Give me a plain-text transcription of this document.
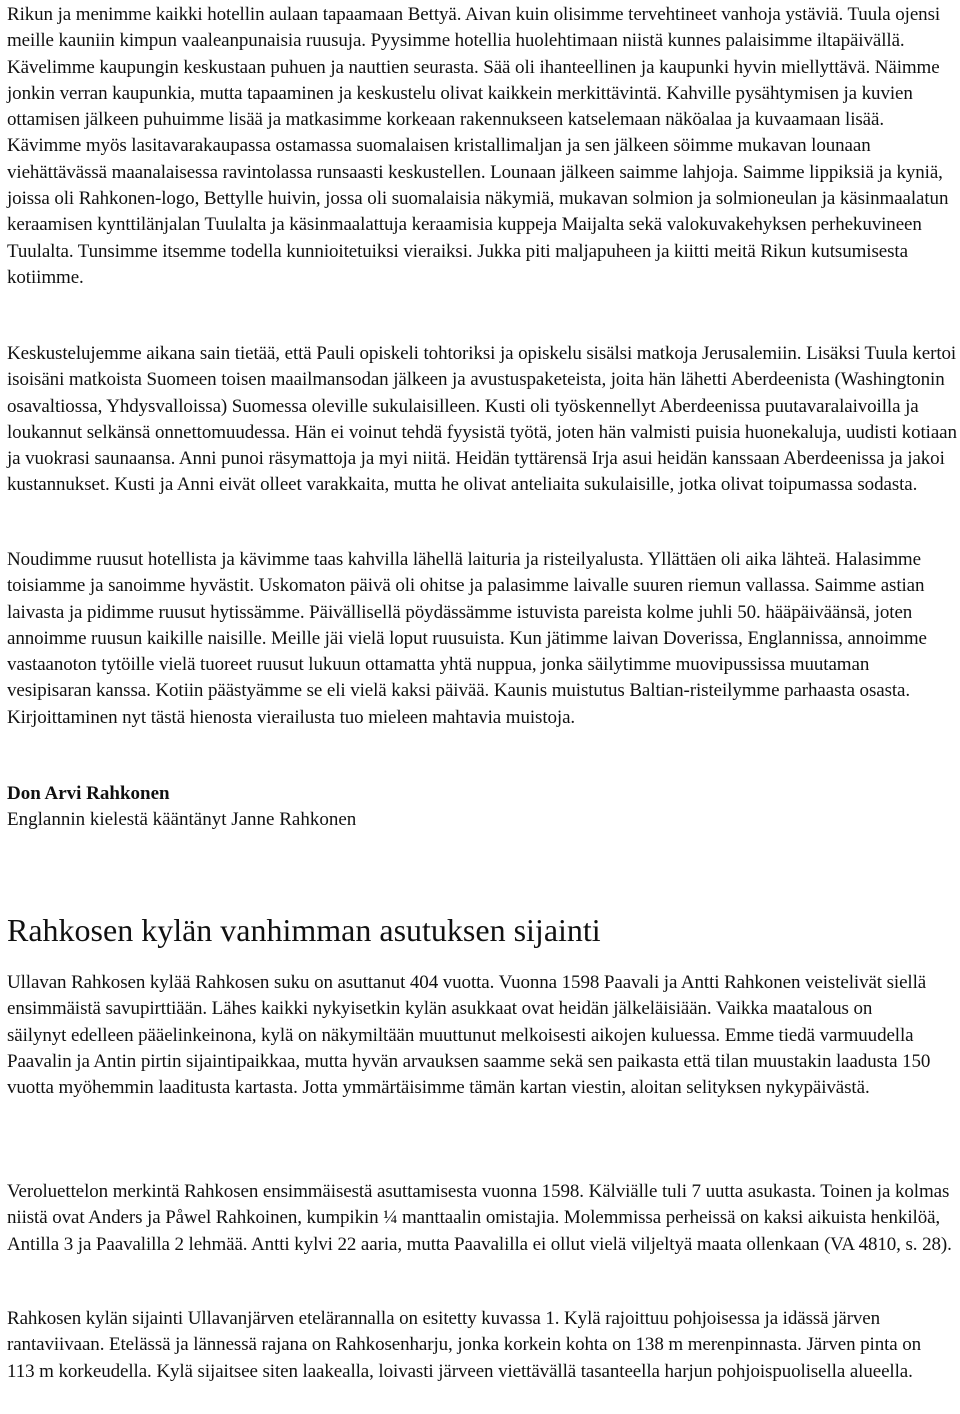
Rikun ja menimme kaikki hotellin aulaan tapaamaan Bettyä. Aivan kuin olisimme tervehtineet vanhoja ystäviä. Tuula ojensi meille kauniin kimpun vaaleanpunaisia ruusuja. Pyysimme hotellia huolehtimaan niistä kunnes palaisimme iltapäivällä. Kävelimme kaupungin keskustaan puhuen ja nauttien seurasta. Sää oli ihanteellinen ja kaupunki hyvin miellyttävä. Näimme jonkin verran kaupunkia, mutta tapaaminen ja keskustelu olivat kaikkein merkittävintä. Kahville pysähtymisen ja kuvien ottamisen jälkeen puhuimme lisää ja matkasimme korkeaan rakennukseen katselemaan näköalaa ja kuvaamaan lisää. Kävimme myös lasitavarakaupassa ostamassa suomalaisen kristallimaljan ja sen jälkeen söimme mukavan lounaan viehättävässä maanalaisessa ravintolassa runsaasti keskustellen. Lounaan jälkeen saimme lahjoja. Saimme lippiksiä ja kyniä, joissa oli Rahkonen-logo, Bettylle huivin, jossa oli suomalaisia näkymiä, mukavan solmion ja solmioneulan ja käsinmaalatun keraamisen kynttilänjalan Tuulalta ja käsinmaalattuja keraamisia kuppeja Maijalta sekä valokuvakehyksen perhekuvineen Tuulalta. Tunsimme itsemme todella kunnioitetuiksi vieraiksi. Jukka piti maljapuheen ja kiitti meitä Rikun kutsumisesta kotiimme.

Keskustelujemme aikana sain tietää, että Pauli opiskeli tohtoriksi ja opiskelu sisälsi matkoja Jerusalemiin. Lisäksi Tuula kertoi isoisäni matkoista Suomeen toisen maailmansodan jälkeen ja avustuspaketeista, joita hän lähetti Aberdeenista (Washingtonin osavaltiossa, Yhdysvalloissa) Suomessa oleville sukulaisilleen. Kusti oli työskennellyt Aberdeenissa puutavaralaivoilla ja loukannut selkänsä onnettomuudessa. Hän ei voinut tehdä fyysistä työtä, joten hän valmisti puisia huonekaluja, uudisti kotiaan ja vuokrasi saunaansa. Anni punoi räsymattoja ja myi niitä. Heidän tyttärensä Irja asui heidän kanssaan Aberdeenissa ja jakoi kustannukset. Kusti ja Anni eivät olleet varakkaita, mutta he olivat anteliaita sukulaisille, jotka olivat toipumassa sodasta.

Noudimme ruusut hotellista ja kävimme taas kahvilla lähellä laituria ja risteilyalusta. Yllättäen oli aika lähteä. Halasimme toisiamme ja sanoimme hyvästit. Uskomaton päivä oli ohitse ja palasimme laivalle suuren riemun vallassa. Saimme astian laivasta ja pidimme ruusut hytissämme. Päivällisellä pöydässämme istuvista pareista kolme juhli 50. hääpäiväänsä, joten annoimme ruusun kaikille naisille. Meille jäi vielä loput ruusuista. Kun jätimme laivan Doverissa, Englannissa, annoimme vastaanoton tytöille vielä tuoreet ruusut lukuun ottamatta yhtä nuppua, jonka säilytimme muovipussissa muutaman vesipisaran kanssa. Kotiin päästyämme se eli vielä kaksi päivää. Kaunis muistutus Baltian-risteilymme parhaasta osasta. Kirjoittaminen nyt tästä hienosta vierailusta tuo mieleen mahtavia muistoja.

Don Arvi Rahkonen

Englannin kielestä kääntänyt Janne Rahkonen

Rahkosen kylän vanhimman asutuksen sijainti

Ullavan Rahkosen kylää Rahkosen suku on asuttanut 404 vuotta. Vuonna 1598 Paavali ja Antti Rahkonen veistelivät siellä ensimmäistä savupirttiään. Lähes kaikki nykyisetkin kylän asukkaat ovat heidän jälkeläisiään. Vaikka maatalous on säilynyt edelleen pääelinkeinona, kylä on näkymiltään muuttunut melkoisesti aikojen kuluessa. Emme tiedä varmuudella Paavalin ja Antin pirtin sijaintipaikkaa, mutta hyvän arvauksen saamme sekä sen paikasta että tilan muustakin laadusta 150 vuotta myöhemmin laaditusta kartasta. Jotta ymmärtäisimme tämän kartan viestin, aloitan selityksen nykypäivästä.

Veroluettelon merkintä Rahkosen ensimmäisestä asuttamisesta vuonna 1598. Kälviälle tuli 7 uutta asukasta. Toinen ja kolmas niistä ovat Anders ja Påwel Rahkoinen, kumpikin ¼ manttaalin omistajia. Molemmissa perheissä on kaksi aikuista henkilöä, Antilla 3 ja Paavalilla 2 lehmää. Antti kylvi 22 aaria, mutta Paavalilla ei ollut vielä viljeltyä maata ollenkaan (VA 4810, s. 28).

Rahkosen kylän sijainti Ullavanjärven etelärannalla on esitetty kuvassa 1. Kylä rajoittuu pohjoisessa ja idässä järven rantaviivaan. Etelässä ja lännessä rajana on Rahkosenharju, jonka korkein kohta on 138 m merenpinnasta. Järven pinta on 113 m korkeudella. Kylä sijaitsee siten laakealla, loivasti järveen viettävällä tasanteella harjun pohjoispuolisella alueella.
